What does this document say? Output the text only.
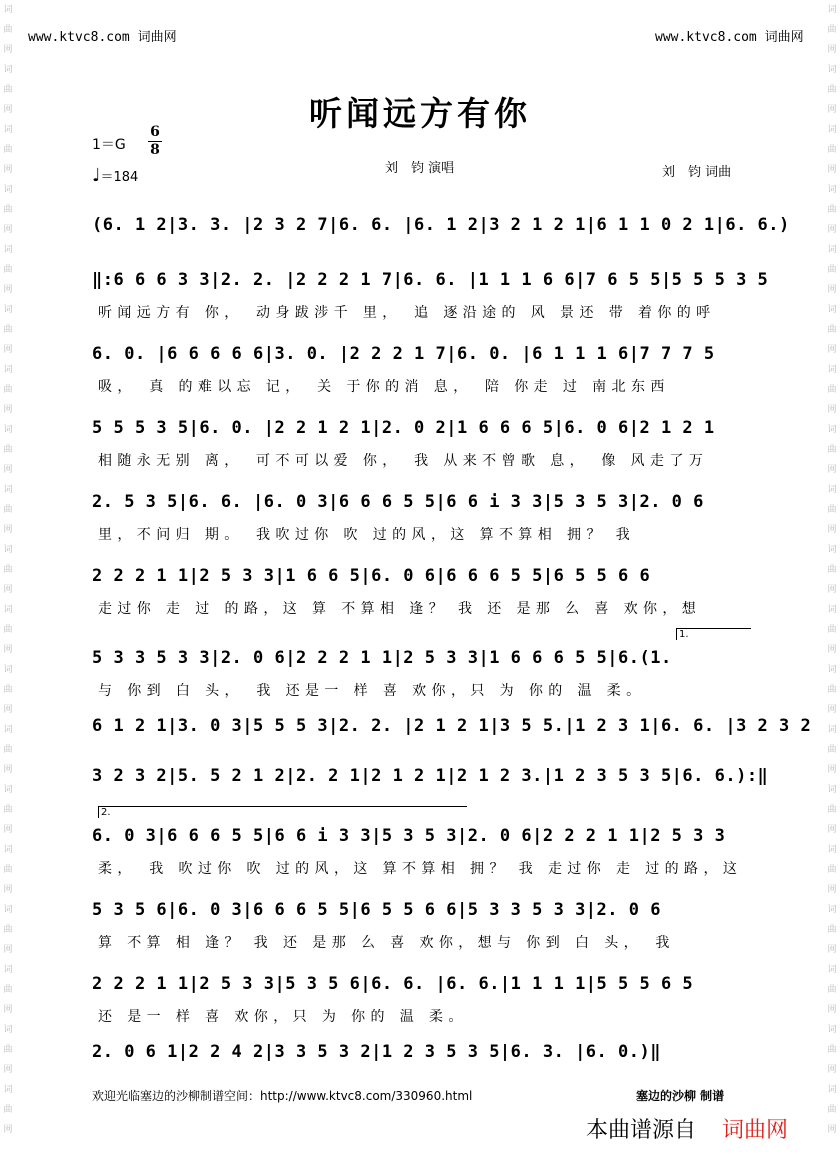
词曲网词曲网词曲网词曲网词曲网词曲网词曲网词曲网词曲网词曲网词曲网词曲网词曲网词曲网词曲网词曲网词曲网词曲网词曲网
词曲网词曲网词曲网词曲网词曲网词曲网词曲网词曲网词曲网词曲网词曲网词曲网词曲网词曲网词曲网词曲网词曲网词曲网词曲网
www.ktvc8.com 词曲网	www.ktvc8.com 词曲网
听闻远方有你
$1=G \frac{6}{8}$
♩＝184
刘　钧 演唱	刘　钧 词曲
(6. 1 2|3. 3. |2 3 2 7|6. 6. |6. 1 2|3 2 1 2 1|6 1 1 0 2 1|6. 6.)
‖:6 6 6 3 3|2. 2. |2 2 2 1 7|6. 6. |1 1 1 6 6|7 6 5 5|5 5 5 3 5
听闻远方有 你，　动身跋涉千 里，　追 逐沿途的 风 景还 带 着你的呼
6. 0. |6 6 6 6 6|3. 0. |2 2 2 1 7|6. 0. |6 1 1 1 6|7 7 7 5
吸，　真 的难以忘 记，　关 于你的消 息，　陪 你走 过 南北东西
5 5 5 3 5|6. 0. |2 2 1 2 1|2. 0 2|1 6 6 6 5|6. 0 6|2 1 2 1
相随永无别 离，　可不可以爱 你，　我 从来不曾歌 息，　像 风走了万
2. 5 3 5|6. 6. |6. 0 3|6 6 6 5 5|6 6 i 3 3|5 3 5 3|2. 0 6
里，不问归 期。　我吹过你 吹 过的风，这 算不算相 拥？ 我
2 2 2 1 1|2 5 3 3|1 6 6 5|6. 0 6|6 6 6 5 5|6 5 5 6 6
走过你 走 过 的路，这 算 不算相 逢？ 我 还 是那 么 喜 欢你，想
1.
5 3 3 5 3 3|2. 0 6|2 2 2 1 1|2 5 3 3|1 6 6 6 5 5|6.(1.
与 你到 白 头，　我 还是一 样 喜 欢你，只 为 你的 温 柔。
6 1 2 1|3. 0 3|5 5 5 3|2. 2. |2 1 2 1|3 5 5.|1 2 3 1|6. 6. |3 2 3 2
3 2 3 2|5. 5 2 1 2|2. 2 1|2 1 2 1|2 1 2 3.|1 2 3 5 3 5|6. 6.):‖
2.
6. 0 3|6 6 6 5 5|6 6 i 3 3|5 3 5 3|2. 0 6|2 2 2 1 1|2 5 3 3
柔，　我 吹过你 吹 过的风，这 算不算相 拥？ 我 走过你 走 过的路，这
5 3 5 6|6. 0 3|6 6 6 5 5|6 5 5 6 6|5 3 3 5 3 3|2. 0 6
算 不算 相 逢？ 我 还 是那 么 喜 欢你，想与 你到 白 头，　我
2 2 2 1 1|2 5 3 3|5 3 5 6|6. 6. |6. 6.|1 1 1 1|5 5 5 6 5
还 是一 样 喜 欢你，只 为 你的 温 柔。
2. 0 6 1|2 2 4 2|3 3 5 3 2|1 2 3 5 3 5|6. 3. |6. 0.)‖
欢迎光临塞边的沙柳制谱空间：http://www.ktvc8.com/330960.html	塞边的沙柳 制谱
本曲谱源自 词曲网
